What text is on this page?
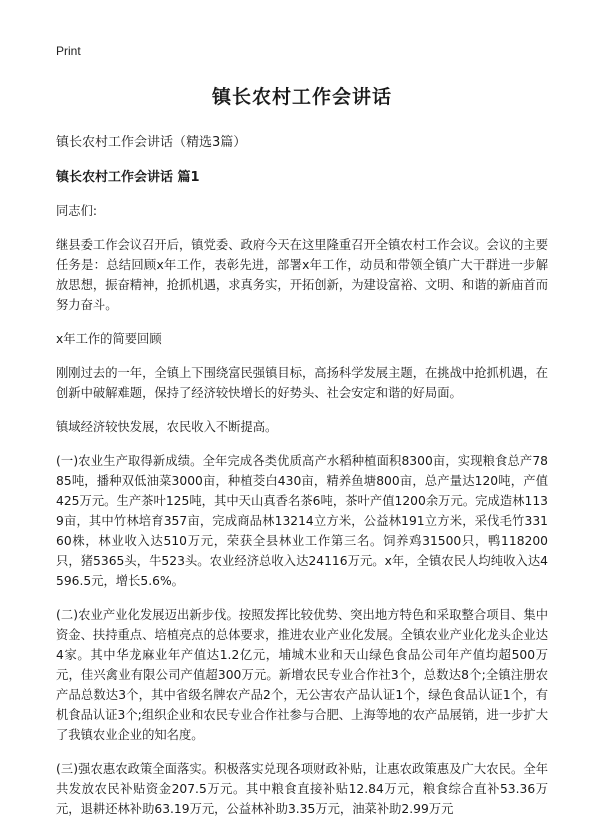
Print
镇长农村工作会讲话
镇长农村工作会讲话（精选3篇）
镇长农村工作会讲话 篇1

同志们:

继县委工作会议召开后，镇党委、政府今天在这里隆重召开全镇农村工作会议。会议的主要任务是：总结回顾x年工作，表彰先进，部署x年工作，动员和带领全镇广大干群进一步解放思想，振奋精神，抢抓机遇，求真务实，开拓创新，为建设富裕、文明、和谐的新庙首而努力奋斗。

x年工作的简要回顾

刚刚过去的一年，全镇上下围绕富民强镇目标，高扬科学发展主题，在挑战中抢抓机遇，在创新中破解难题，保持了经济较快增长的好势头、社会安定和谐的好局面。

镇域经济较快发展，农民收入不断提高。

(一)农业生产取得新成绩。全年完成各类优质高产水稻种植面积8300亩，实现粮食总产7885吨，播种双低油菜3000亩，种植茭白430亩，精养鱼塘800亩，总产量达120吨，产值425万元。生产茶叶125吨，其中天山真香名茶6吨，茶叶产值1200余万元。完成造林1139亩，其中竹林培育357亩，完成商品林13214立方米，公益林191立方米，采伐毛竹33160株，林业收入达510万元，荣获全县林业工作第三名。饲养鸡31500只，鸭118200只，猪5365头，牛523头。农业经济总收入达24116万元。x年，全镇农民人均纯收入达4596.5元，增长5.6%。

(二)农业产业化发展迈出新步伐。按照发挥比较优势、突出地方特色和采取整合项目、集中资金、扶持重点、培植亮点的总体要求，推进农业产业化发展。全镇农业产业化龙头企业达4家。其中华龙麻业年产值达1.2亿元，埔城木业和天山绿色食品公司年产值均超500万元，佳兴禽业有限公司产值超300万元。新增农民专业合作社3个，总数达8个;全镇注册农产品总数达3个，其中省级名牌农产品2个，无公害农产品认证1个，绿色食品认证1个，有机食品认证3个;组织企业和农民专业合作社参与合肥、上海等地的农产品展销，进一步扩大了我镇农业企业的知名度。

(三)强农惠农政策全面落实。积极落实兑现各项财政补贴，让惠农政策惠及广大农民。全年共发放农民补贴资金207.5万元。其中粮食直接补贴12.84万元，粮食综合直补53.36万元，退耕还林补助63.19万元，公益林补助3.35万元，油菜补助2.99万元
